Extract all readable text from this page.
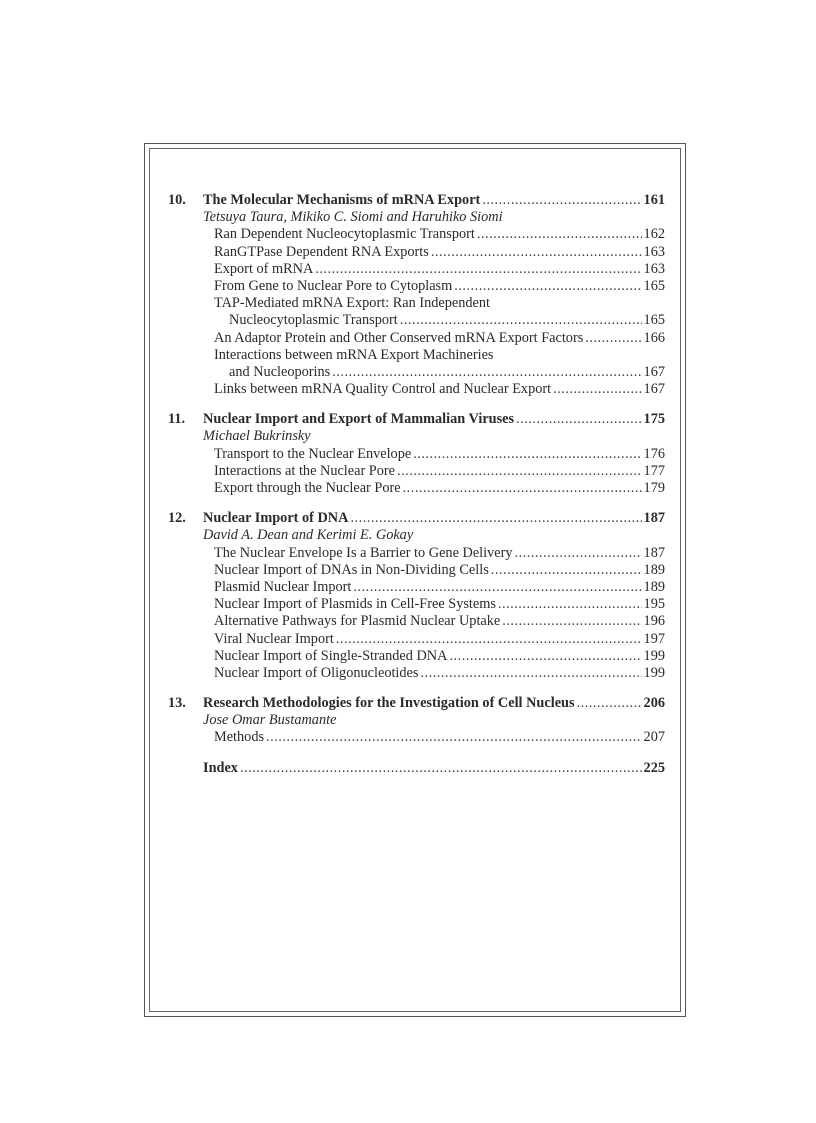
10.	The Molecular Mechanisms of mRNA Export .....	161
Tetsuya Taura, Mikiko C. Siomi and Haruhiko Siomi
Ran Dependent Nucleocytoplasmic Transport .....	162
RanGTPase Dependent RNA Exports .....	163
Export of mRNA .....	163
From Gene to Nuclear Pore to Cytoplasm .....	165
TAP-Mediated mRNA Export: Ran Independent
Nucleocytoplasmic Transport .....	165
An Adaptor Protein and Other Conserved mRNA Export Factors .....	166
Interactions between mRNA Export Machineries
and Nucleoporins .....	167
Links between mRNA Quality Control and Nuclear Export .....	167
11.	Nuclear Import and Export of Mammalian Viruses .....	175
Michael Bukrinsky
Transport to the Nuclear Envelope .....	176
Interactions at the Nuclear Pore .....	177
Export through the Nuclear Pore .....	179
12.	Nuclear Import of DNA .....	187
David A. Dean and Kerimi E. Gokay
The Nuclear Envelope Is a Barrier to Gene Delivery .....	187
Nuclear Import of DNAs in Non-Dividing Cells .....	189
Plasmid Nuclear Import .....	189
Nuclear Import of Plasmids in Cell-Free Systems .....	195
Alternative Pathways for Plasmid Nuclear Uptake .....	196
Viral Nuclear Import .....	197
Nuclear Import of Single-Stranded DNA .....	199
Nuclear Import of Oligonucleotides .....	199
13.	Research Methodologies for the Investigation of Cell Nucleus .....	206
Jose Omar Bustamante
Methods .....	207
Index .....	225
